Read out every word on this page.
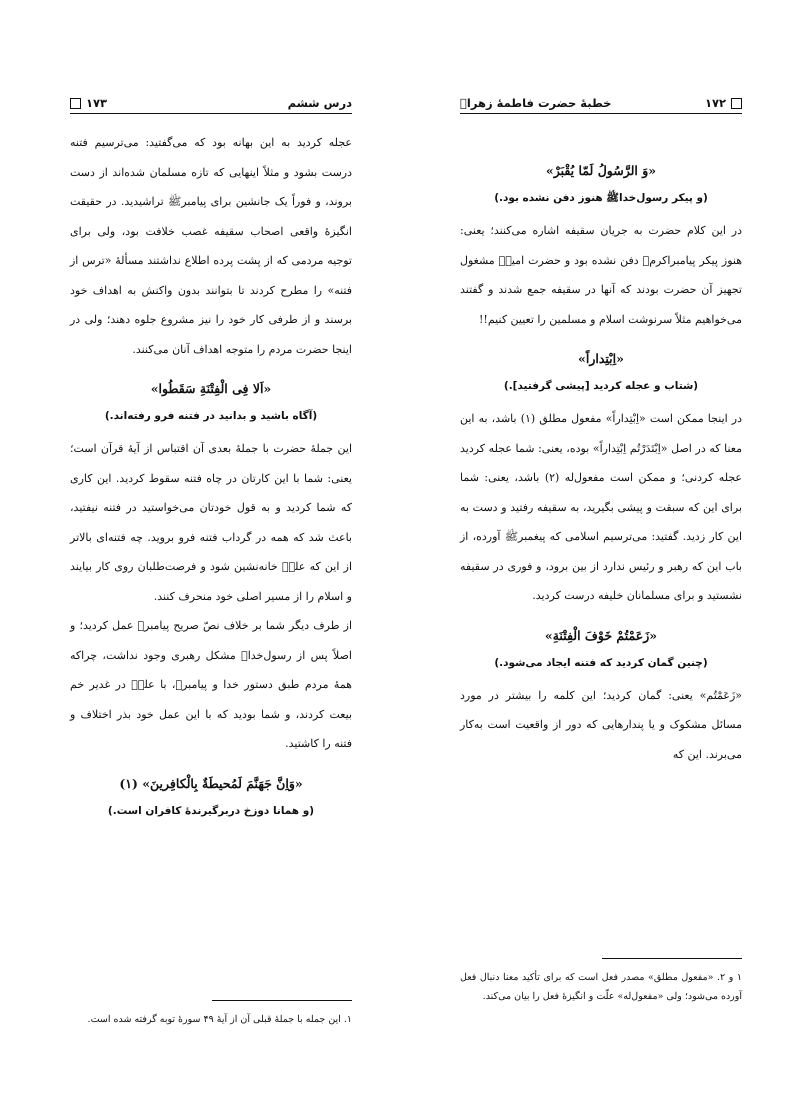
درس ششم
۱۷۳

عجله کردید به این بهانه بود که می‌گفتید: می‌ترسیم فتنه درست بشود و مثلاً اینهایی که تازه مسلمان شده‌اند از دست بروند، و فوراً یک جانشین برای پیامبرﷺ تراشیدید. در حقیقت انگیزهٔ واقعی اصحاب سقیفه غصب خلافت بود، ولی برای توجیه مردمی که از پشت پرده اطلاع نداشتند مسألهٔ «ترس از فتنه» را مطرح کردند تا بتوانند بدون واکنش به اهداف خود برسند و از طرفی کار خود را نیز مشروع جلوه دهند؛ ولی در اینجا حضرت مردم را متوجه اهداف آنان می‌کنند.

«اَلا فِی الْفِتْنَةِ سَقَطُوا»
(آگاه باشید و بدانید در فتنه فرو رفته‌اند.)

این جملهٔ حضرت با جملهٔ بعدی آن اقتباس از آیهٔ قرآن است؛ یعنی: شما با این کارتان در چاه فتنه سقوط کردید. این کاری که شما کردید و به قول خودتان می‌خواستید در فتنه نیفتید، باعث شد که همه در گرداب فتنه فرو بروید. چه فتنه‌ای بالاتر از این که علیؑ خانه‌نشین شود و فرصت‌طلبان روی کار بیایند و اسلام را از مسیر اصلی خود منحرف کنند.

از طرف دیگر شما بر خلاف نصّ صریح پیامبرﷺ عمل کردید؛ و اصلاً پس از رسول‌خداﷺ مشکل رهبری وجود نداشت، چراکه همهٔ مردم طبق دستور خدا و پیامبرﷺ، با علیؑ در غدیر خم بیعت کردند، و شما بودید که با این عمل خود بذر اختلاف و فتنه را کاشتید.

«وَاِنَّ جَهَنَّمَ لَمُحیطَةٌ بِالْکافِرینَ» (۱)
(و همانا دوزخ دربرگیرندهٔ کافران است.)

۱. این جمله با جملهٔ قبلی آن از آیهٔ ۴۹ سورهٔ توبه گرفته شده است.

۱۷۲
خطبهٔ حضرت فاطمهٔ زهراؑ
«وَ الرَّسُولُ لَمّا یُقْبَرْ»
(و پیکر رسول‌خداﷺ هنوز دفن نشده بود.)

در این کلام حضرت به جریان سقیفه اشاره می‌کنند؛ یعنی: هنوز پیکر پیامبراکرمﷺ دفن نشده بود و حضرت امیرؑ مشغول تجهیز آن حضرت بودند که آنها در سقیفه جمع شدند و گفتند می‌خواهیم مثلاً سرنوشت اسلام و مسلمین را تعیین کنیم!!

«اِبْتِداراً»
(شتاب و عجله کردید [پیشی گرفتید].)

در اینجا ممکن است «اِبْتِداراً» مفعول مطلق (۱) باشد، به این معنا که در اصل «اِبْتَدَرْتُم اِبْتِداراً» بوده، یعنی: شما عجله کردید عجله کردنی؛ و ممکن است مفعول‌له (۲) باشد، یعنی: شما برای این که سبقت و پیشی بگیرید، به سقیفه رفتید و دست به این کار زدید. گفتید: می‌ترسیم اسلامی که پیغمبرﷺ آورده، از باب این که رهبر و رئیس ندارد از بین برود، و فوری در سقیفه نشستید و برای مسلمانان خلیفه درست کردید.

«زَعَمْتُمْ خَوْفَ الْفِتْنَةِ»
(چنین گمان کردید که فتنه ایجاد می‌شود.)

«زَعَمْتُم» یعنی: گمان کردید؛ این کلمه را بیشتر در مورد مسائل مشکوک و یا پندارهایی که دور از واقعیت است به‌کار می‌برند. این که

۱ و ۲. «مفعول مطلق» مصدر فعل است که برای تأکید معنا دنبال فعل آورده می‌شود؛ ولی «مفعول‌له» علّت و انگیزهٔ فعل را بیان می‌کند.
